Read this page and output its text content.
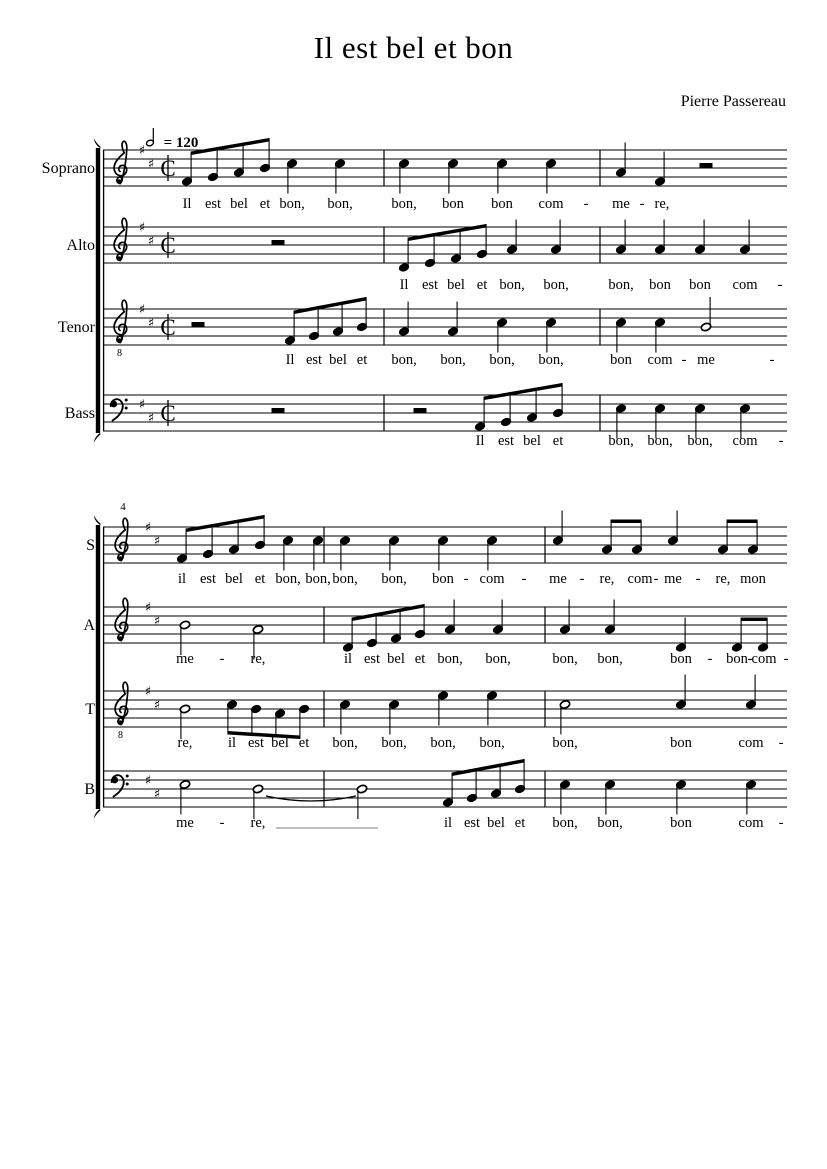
Il est bel et bon
Pierre Passereau
= 120
Soprano
♯
♯ C
Il est bel et bon, bon,	bon, bon bon com - me - re,
Alto
♯
♯ C
Il est bel et bon, bon,	bon, bon bon com -
Tenor
8
♯
♯ C
Il est bel et bon, bon, bon, bon,	bon com - me	-
Bass	♯
♯ C
Il est bel et	bon, bon, bon, com -
4
S
♯
♯
il est bel et bon, bon, bon, bon, bon - com - me - re, com - me - re, mon
A
♯
♯
me - re,	il est bel et bon, bon,	bon, bon,	bon - bon - com -
T
8
♯
♯
re, il est bel et bon, bon, bon, bon,	bon,	bon	com -
B	♯
♯
me - re,	il est bel et bon, bon,	bon	com -
